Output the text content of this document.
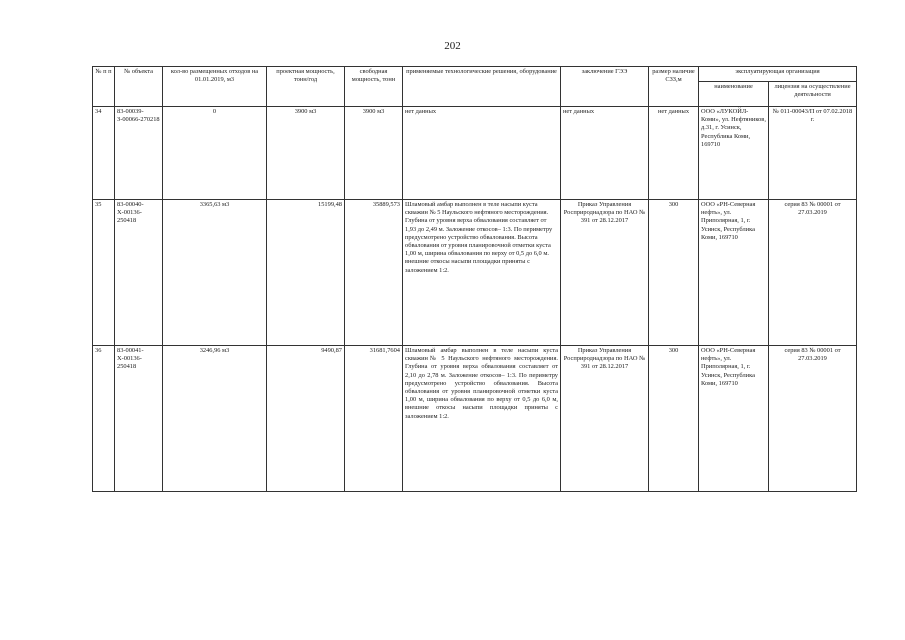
202
№ п п	№ объекта	кол-во размещенных отходов на 01.01.2019, м3	проектная мощность, тонн/год	свободная мощность, тонн	применяемые технологические решения, оборудование	заключение ГЭЭ	размер наличие СЗЗ,м	эксплуатирующая организация	
								наименование	лицензия на осуществление деятельности
34	83-00039-З-00066-270218	0	3900 м3	3900 м3	нет данных	нет данных	нет данных	ООО «ЛУКОЙЛ-Коми», ул. Нефтяников, д.31, г. Усинск, Республика Коми, 169710	№ 011-00043/П от 07.02.2018 г.
35	83-00040-Х-00136-250418	3365,63 м3	15199,48	35889,573	Шламовый амбар выполнен в теле насыпи куста скважин № 5 Наульского нефтяного месторождения. Глубина от уровня верха обвалования составляет от 1,93 до 2,49 м. Заложение откосов– 1:3. По периметру предусмотрено устройство обвалования. Высота обвалования от уровня планировочной отметки куста 1,00 м, ширина обвалования по верху от 0,5 до 6,0 м. внешние откосы насыпи площадки приняты с заложением 1:2.	Приказ Управления Росприроднадзора по НАО № 391 от 28.12.2017	300	ООО «РН-Северная нефть», ул. Приполярная, 1, г. Усинск, Республика Коми, 169710	серия 83 № 00001 от 27.03.2019
36	83-00041-Х-00136-250418	3246,96 м3	9490,87	31681,7604	Шламовый амбар выполнен в теле насыпи куста скважин№ 5 Наульского нефтяного месторождения. Глубина от уровня верха обвалования составляет от 2,10 до 2,78 м. Заложение откосов– 1:3. По периметру предусмотрено устройство обвалования. Высота обвалования от уровня планировочной отметки куста 1,00 м, ширина обвалования по верху от 0,5 до 6,0 м, внешние откосы насыпи площадки приняты с заложением 1:2.	Приказ Управления Росприроднадзора по НАО № 391 от 28.12.2017	300	ООО «РН-Северная нефть», ул. Приполярная, 1, г. Усинск, Республика Коми, 169710	серия 83 № 00001 от 27.03.2019
